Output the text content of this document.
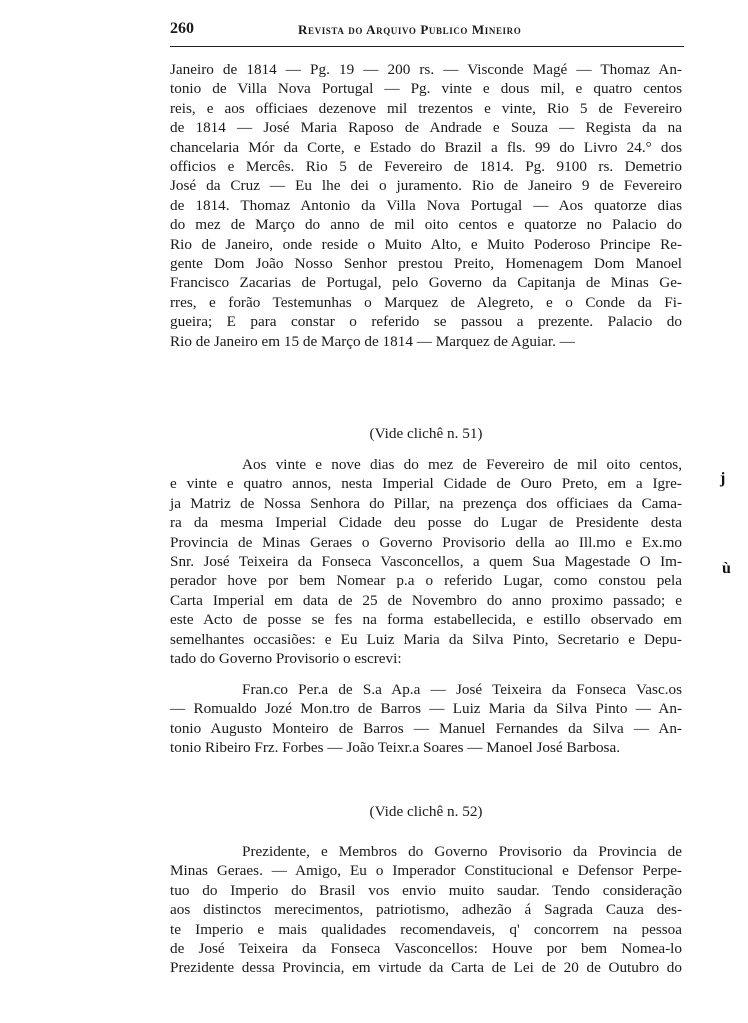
260	Revista do Arquivo Publico Mineiro

Janeiro de 1814 — Pg. 19 — 200 rs. — Visconde Magé — Thomaz An-
tonio de Villa Nova Portugal — Pg. vinte e dous mil, e quatro centos
reis, e aos officiaes dezenove mil trezentos e vinte, Rio 5 de Fevereiro
de 1814 — José Maria Raposo de Andrade e Souza — Regista da na
chancelaria Mór da Corte, e Estado do Brazil a fls. 99 do Livro 24.° dos
officios e Mercês. Rio 5 de Fevereiro de 1814. Pg. 9100 rs. Demetrio
José da Cruz — Eu lhe dei o juramento. Rio de Janeiro 9 de Fevereiro
de 1814. Thomaz Antonio da Villa Nova Portugal — Aos quatorze dias
do mez de Março do anno de mil oito centos e quatorze no Palacio do
Rio de Janeiro, onde reside o Muito Alto, e Muito Poderoso Principe Re-
gente Dom João Nosso Senhor prestou Preito, Homenagem Dom Manoel
Francisco Zacarias de Portugal, pelo Governo da Capitanja de Minas Ge-
rres, e forão Testemunhas o Marquez de Alegreto, e o Conde da Fi-
gueira; E para constar o referido se passou a prezente. Palacio do
Rio de Janeiro em 15 de Março de 1814 — Marquez de Aguiar. —

(Vide clichê n. 51)

Aos vinte e nove dias do mez de Fevereiro de mil oito centos,
e vinte e quatro annos, nesta Imperial Cidade de Ouro Preto, em a Igre-
ja Matriz de Nossa Senhora do Pillar, na prezença dos officiaes da Cama-
ra da mesma Imperial Cidade deu posse do Lugar de Presidente desta
Provincia de Minas Geraes o Governo Provisorio della ao Ill.mo e Ex.mo
Snr. José Teixeira da Fonseca Vasconcellos, a quem Sua Magestade O Im-
perador hove por bem Nomear p.a o referido Lugar, como constou pela
Carta Imperial em data de 25 de Novembro do anno proximo passado; e
este Acto de posse se fes na forma estabellecida, e estillo observado em
semelhantes occasiões: e Eu Luiz Maria da Silva Pinto, Secretario e Depu-
tado do Governo Provisorio o escrevi:

Fran.co Per.a de S.a Ap.a — José Teixeira da Fonseca Vasc.os
— Romualdo Jozé Mon.tro de Barros — Luiz Maria da Silva Pinto — An-
tonio Augusto Monteiro de Barros — Manuel Fernandes da Silva — An-
tonio Ribeiro Frz. Forbes — João Teixr.a Soares — Manoel José Barbosa.

(Vide clichê n. 52)

Prezidente, e Membros do Governo Provisorio da Provincia de
Minas Geraes. — Amigo, Eu o Imperador Constitucional e Defensor Perpe-
tuo do Imperio do Brasil vos envio muito saudar. Tendo consideração
aos distinctos merecimentos, patriotismo, adhezão á Sagrada Cauza des-
te Imperio e mais qualidades recomendaveis, q' concorrem na pessoa
de José Teixeira da Fonseca Vasconcellos: Houve por bem Nomea-lo
Prezidente dessa Provincia, em virtude da Carta de Lei de 20 de Outubro do

j
ù
